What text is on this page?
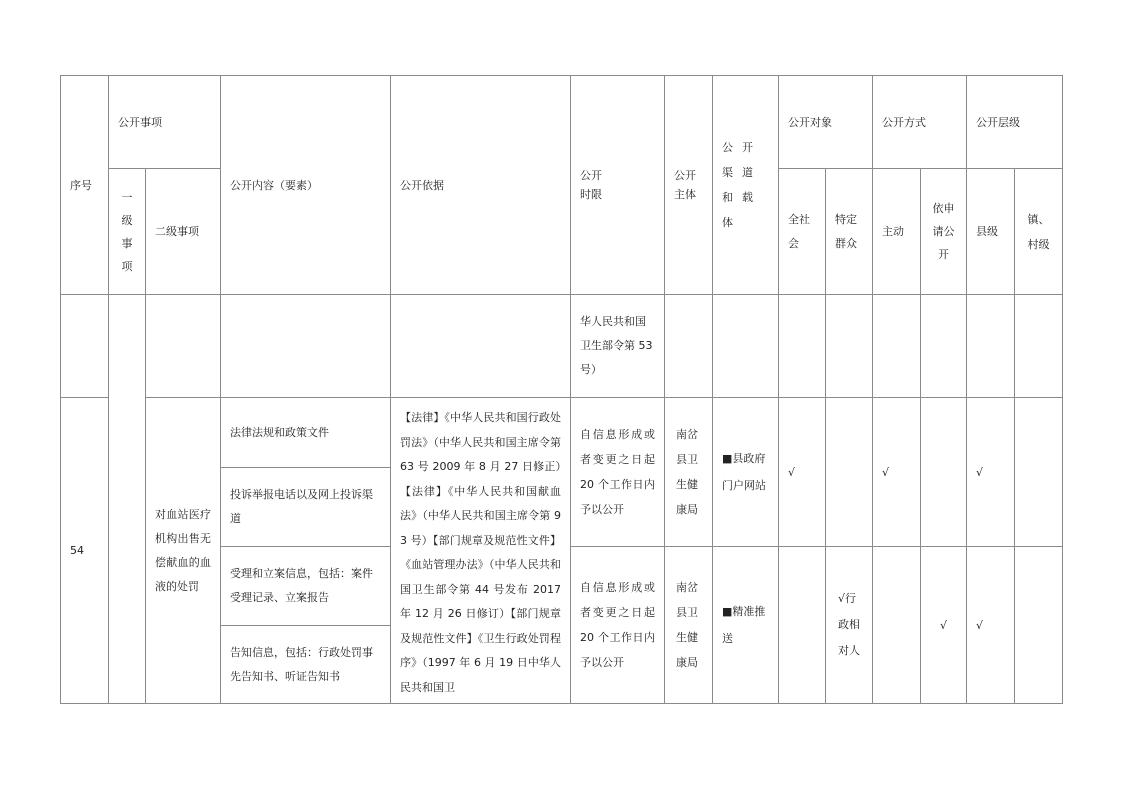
序号	公开事项		公开内容（要素）	公开依据	公开
时限	公开主体	公开渠道和载体	公开对象		公开方式		公开层级	

	一级事项	二级事项						全社会	特定群众	主动	依申请公开	县级	镇、村级

					华人民共和国卫生部令第 53 号）								
54		对血站医疗机构出售无偿献血的血液的处罚	法律法规和政策文件	【法律】《中华人民共和国行政处罚法》（中华人民共和国主席令第 63 号 2009 年 8 月 27 日修正）【法律】《中华人民共和国献血法》（中华人民共和国主席令第 93 号）【部门规章及规范性文件】《血站管理办法》（中华人民共和国卫生部令第 44 号发布 2017 年 12 月 26 日修订）【部门规章及规范性文件】《卫生行政处罚程序》（1997 年 6 月 19 日中华人民共和国卫	自信息形成或者变更之日起 20 个工作日内予以公开	南岔县卫生健康局	■县政府门户网站	√		√		√	
			投诉举报电话以及网上投诉渠道										
			受理和立案信息，包括：案件受理记录、立案报告		自信息形成或者变更之日起 20 个工作日内予以公开	南岔县卫生健康局	■精准推送		√行政相对人		√	√	
			告知信息，包括：行政处罚事先告知书、听证告知书										
